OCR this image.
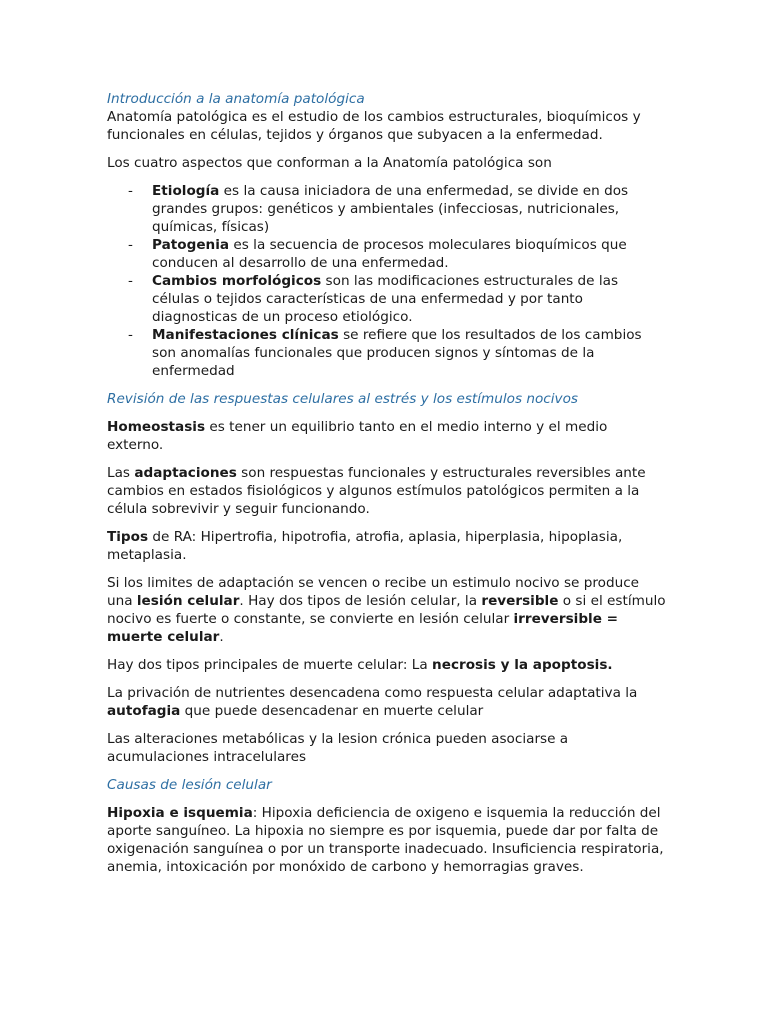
Introducción a la anatomía patológica

Anatomía patológica es el estudio de los cambios estructurales, bioquímicos y funcionales en células, tejidos y órganos que subyacen a la enfermedad.

Los cuatro aspectos que conforman a la Anatomía patológica son

- Etiología es la causa iniciadora de una enfermedad, se divide en dos grandes grupos: genéticos y ambientales (infecciosas, nutricionales, químicas, físicas)
- Patogenia es la secuencia de procesos moleculares bioquímicos que conducen al desarrollo de una enfermedad.
- Cambios morfológicos son las modificaciones estructurales de las células o tejidos características de una enfermedad y por tanto diagnosticas de un proceso etiológico.
- Manifestaciones clínicas se refiere que los resultados de los cambios son anomalías funcionales que producen signos y síntomas de la enfermedad

Revisión de las respuestas celulares al estrés y los estímulos nocivos

Homeostasis es tener un equilibrio tanto en el medio interno y el medio externo.

Las adaptaciones son respuestas funcionales y estructurales reversibles ante cambios en estados fisiológicos y algunos estímulos patológicos permiten a la célula sobrevivir y seguir funcionando.

Tipos de RA: Hipertrofia, hipotrofia, atrofia, aplasia, hiperplasia, hipoplasia, metaplasia.

Si los limites de adaptación se vencen o recibe un estimulo nocivo se produce una lesión celular. Hay dos tipos de lesión celular, la reversible o si el estímulo nocivo es fuerte o constante, se convierte en lesión celular irreversible = muerte celular.

Hay dos tipos principales de muerte celular: La necrosis y la apoptosis.

La privación de nutrientes desencadena como respuesta celular adaptativa la autofagia que puede desencadenar en muerte celular

Las alteraciones metabólicas y la lesion crónica pueden asociarse a acumulaciones intracelulares

Causas de lesión celular

Hipoxia e isquemia: Hipoxia deficiencia de oxigeno e isquemia la reducción del aporte sanguíneo. La hipoxia no siempre es por isquemia, puede dar por falta de oxigenación sanguínea o por un transporte inadecuado. Insuficiencia respiratoria, anemia, intoxicación por monóxido de carbono y hemorragias graves.
